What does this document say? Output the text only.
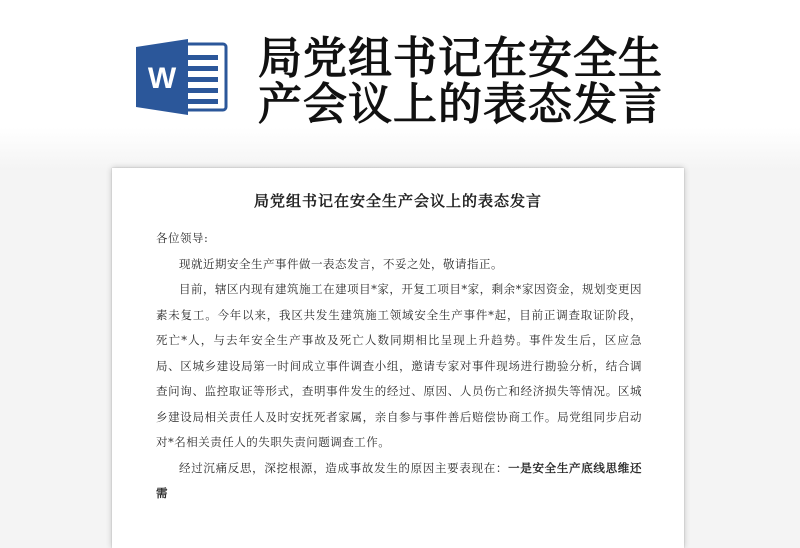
W 局党组书记在安全生产会议上的表态发言
局党组书记在安全生产会议上的表态发言

各位领导:

现就近期安全生产事件做一表态发言，不妥之处，敬请指正。

目前，辖区内现有建筑施工在建项目*家，开复工项目*家，剩余*家因资金，规划变更因素未复工。今年以来，我区共发生建筑施工领域安全生产事件*起，目前正调查取证阶段，死亡*人，与去年安全生产事故及死亡人数同期相比呈现上升趋势。事件发生后，区应急局、区城乡建设局第一时间成立事件调查小组，邀请专家对事件现场进行勘验分析，结合调查问询、监控取证等形式，查明事件发生的经过、原因、人员伤亡和经济损失等情况。区城乡建设局相关责任人及时安抚死者家属，亲自参与事件善后赔偿协商工作。局党组同步启动对*名相关责任人的失职失责问题调查工作。

经过沉痛反思，深挖根源，造成事故发生的原因主要表现在：一是安全生产底线思维还需
